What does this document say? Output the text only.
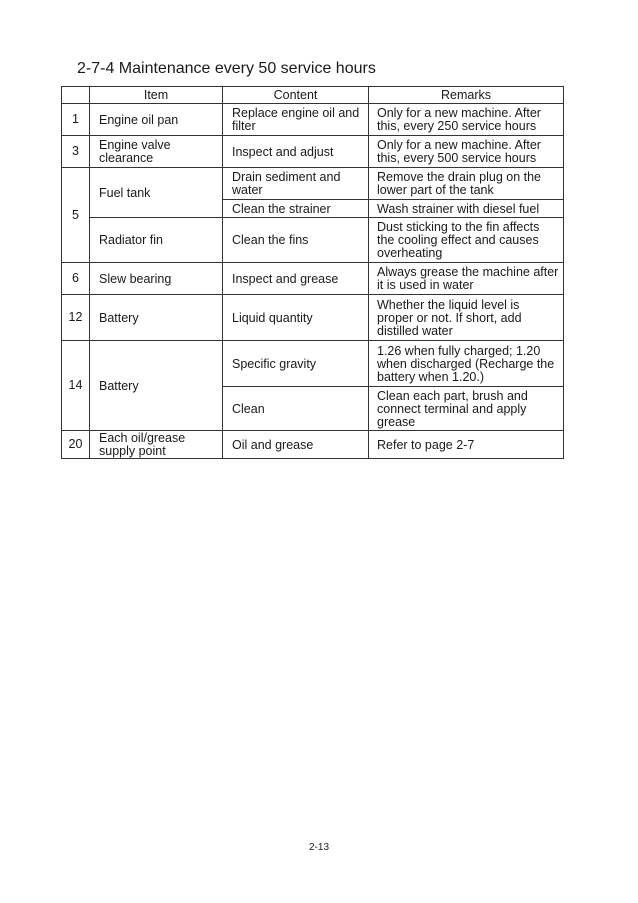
2-7-4 Maintenance every 50 service hours
	Item	Content	Remarks
1	Engine oil pan	Replace engine oil and filter	Only for a new machine. After this, every 250 service hours
3	Engine valve clearance	Inspect and adjust	Only for a new machine. After this, every 500 service hours
5	Fuel tank	Drain sediment and water	Remove the drain plug on the lower part of the tank
		Clean the strainer	Wash strainer with diesel fuel
	Radiator fin	Clean the fins	Dust sticking to the fin affects the cooling effect and causes overheating
6	Slew bearing	Inspect and grease	Always grease the machine after it is used in water
12	Battery	Liquid quantity	Whether the liquid level is proper or not. If short, add distilled water
14	Battery	Specific gravity	1.26 when fully charged; 1.20 when discharged (Recharge the battery when 1.20.)
		Clean	Clean each part, brush and connect terminal and apply grease
20	Each oil/grease supply point	Oil and grease	Refer to page 2-7
2-13
